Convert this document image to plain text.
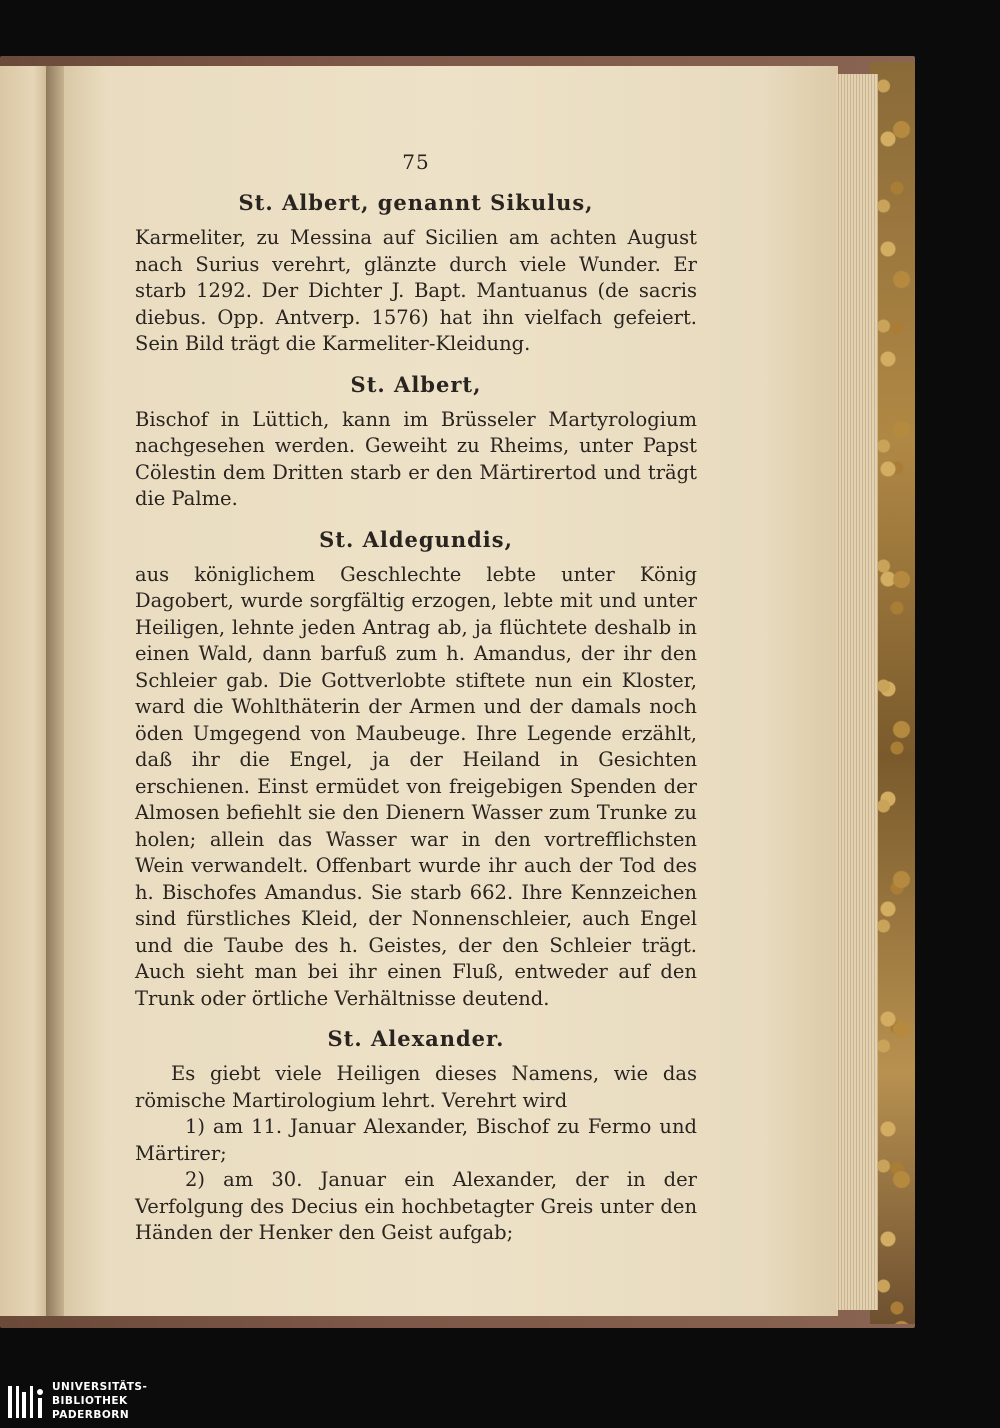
75
St. Albert, genannt Sikulus,

Karmeliter, zu Messina auf Sicilien am achten August nach Surius verehrt, glänzte durch viele Wunder. Er starb 1292. Der Dichter J. Bapt. Mantuanus (de sacris diebus. Opp. Antverp. 1576) hat ihn vielfach gefeiert. Sein Bild trägt die Karmeliter-Kleidung.

St. Albert,

Bischof in Lüttich, kann im Brüsseler Martyrologium nachgesehen werden. Geweiht zu Rheims, unter Papst Cölestin dem Dritten starb er den Märtirertod und trägt die Palme.

St. Aldegundis,

aus königlichem Geschlechte lebte unter König Dagobert, wurde sorgfältig erzogen, lebte mit und unter Heiligen, lehnte jeden Antrag ab, ja flüchtete deshalb in einen Wald, dann barfuß zum h. Amandus, der ihr den Schleier gab. Die Gottverlobte stiftete nun ein Kloster, ward die Wohlthäterin der Armen und der damals noch öden Umgegend von Maubeuge. Ihre Legende erzählt, daß ihr die Engel, ja der Heiland in Gesichten erschienen. Einst ermüdet von freigebigen Spenden der Almosen befiehlt sie den Dienern Wasser zum Trunke zu holen; allein das Wasser war in den vortrefflichsten Wein verwandelt. Offenbart wurde ihr auch der Tod des h. Bischofes Amandus. Sie starb 662. Ihre Kennzeichen sind fürstliches Kleid, der Nonnenschleier, auch Engel und die Taube des h. Geistes, der den Schleier trägt. Auch sieht man bei ihr einen Fluß, entweder auf den Trunk oder örtliche Verhältnisse deutend.

St. Alexander.

Es giebt viele Heiligen dieses Namens, wie das römische Martirologium lehrt. Verehrt wird

1) am 11. Januar Alexander, Bischof zu Fermo und Märtirer;

2) am 30. Januar ein Alexander, der in der Verfolgung des Decius ein hochbetagter Greis unter den Händen der Henker den Geist aufgab;

UNIVERSITÄTS-
BIBLIOTHEK
PADERBORN
